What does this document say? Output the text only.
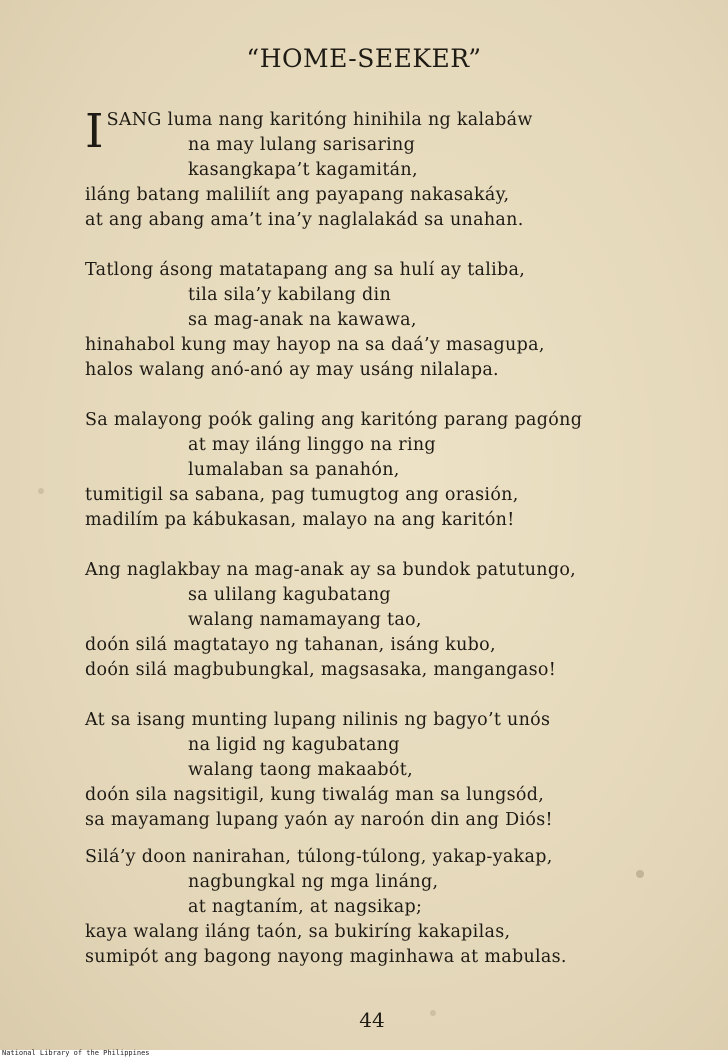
“HOME-SEEKER”
I SANG luma nang karitóng hinihila ng kalabáw
na may lulang sarisaring
kasangkapa’t kagamitán,
iláng batang maliliít ang payapang nakasakáy,
at ang abang ama’t ina’y naglalakád sa unahan.
Tatlong ásong matatapang ang sa hulí ay taliba,
tila sila’y kabilang din
sa mag-anak na kawawa,
hinahabol kung may hayop na sa daá’y masagupa,
halos walang anó-anó ay may usáng nilalapa.
Sa malayong poók galing ang karitóng parang pagóng
at may iláng linggo na ring
lumalaban sa panahón,
tumitigil sa sabana, pag tumugtog ang orasión,
madilím pa kábukasan, malayo na ang karitón!
Ang naglakbay na mag-anak ay sa bundok patutungo,
sa ulilang kagubatang
walang namamayang tao,
doón silá magtatayo ng tahanan, isáng kubo,
doón silá magbubungkal, magsasaka, mangangaso!
At sa isang munting lupang nilinis ng bagyo’t unós
na ligid ng kagubatang
walang taong makaabót,
doón sila nagsitigil, kung tiwalág man sa lungsód,
sa mayamang lupang yaón ay naroón din ang Diós!
Silá’y doon nanirahan, túlong-túlong, yakap-yakap,
nagbungkal ng mga lináng,
at nagtaním, at nagsikap;
kaya walang iláng taón, sa bukiríng kakapilas,
sumipót ang bagong nayong maginhawa at mabulas.
44
National Library of the Philippines
